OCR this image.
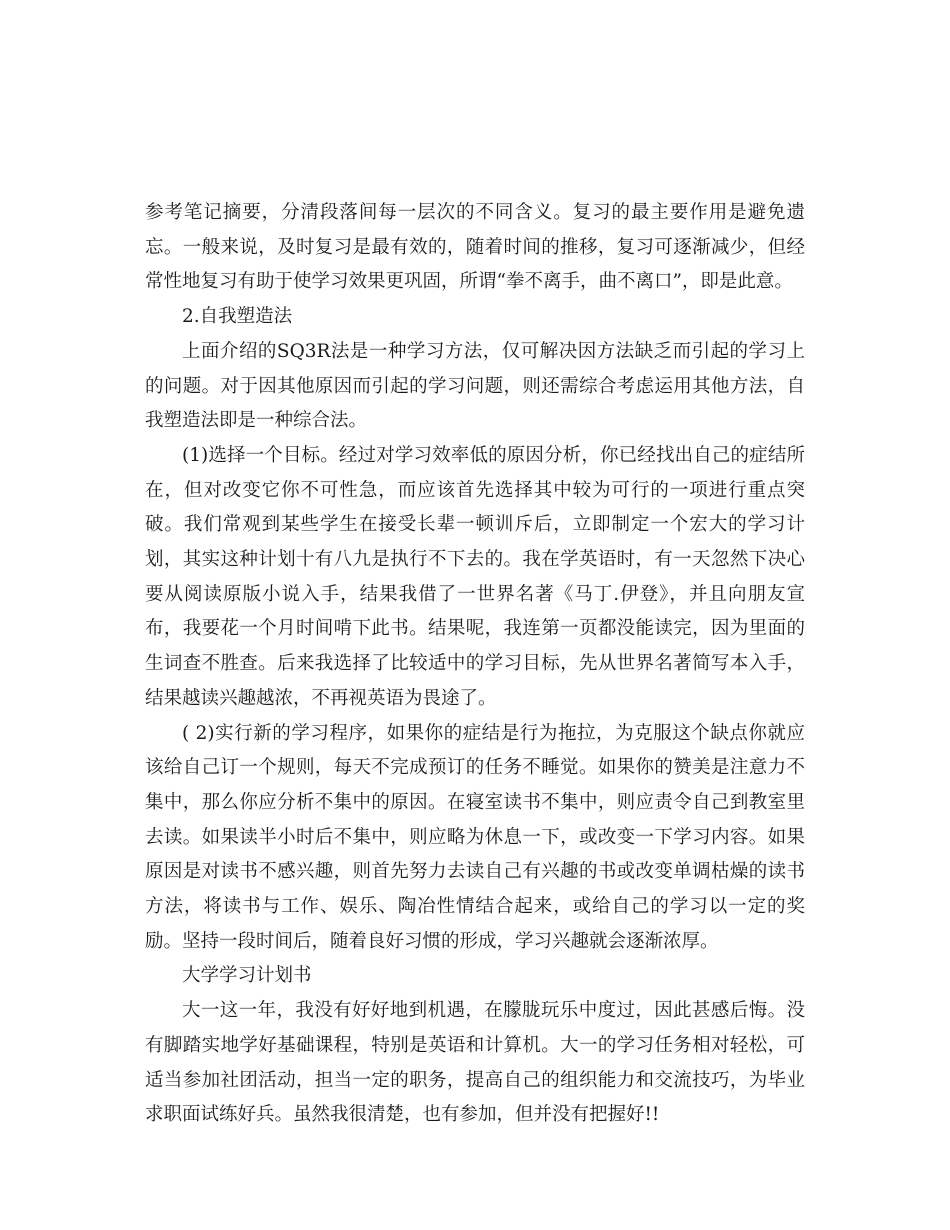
参考笔记摘要，分清段落间每一层次的不同含义。复习的最主要作用是避免遗忘。一般来说，及时复习是最有效的，随着时间的推移，复习可逐渐减少，但经常性地复习有助于使学习效果更巩固，所谓“拳不离手，曲不离口”，即是此意。

2.自我塑造法

上面介绍的SQ3R法是一种学习方法，仅可解决因方法缺乏而引起的学习上的问题。对于因其他原因而引起的学习问题，则还需综合考虑运用其他方法，自我塑造法即是一种综合法。

(1)选择一个目标。经过对学习效率低的原因分析，你已经找出自己的症结所在，但对改变它你不可性急，而应该首先选择其中较为可行的一项进行重点突破。我们常观到某些学生在接受长辈一顿训斥后，立即制定一个宏大的学习计划，其实这种计划十有八九是执行不下去的。我在学英语时，有一天忽然下决心要从阅读原版小说入手，结果我借了一世界名著《马丁.伊登》，并且向朋友宣布，我要花一个月时间啃下此书。结果呢，我连第一页都没能读完，因为里面的生词查不胜查。后来我选择了比较适中的学习目标，先从世界名著简写本入手，结果越读兴趣越浓，不再视英语为畏途了。

( 2)实行新的学习程序，如果你的症结是行为拖拉，为克服这个缺点你就应该给自己订一个规则，每天不完成预订的任务不睡觉。如果你的赞美是注意力不集中，那么你应分析不集中的原因。在寝室读书不集中，则应责令自己到教室里去读。如果读半小时后不集中，则应略为休息一下，或改变一下学习内容。如果原因是对读书不感兴趣，则首先努力去读自己有兴趣的书或改变单调枯燥的读书方法，将读书与工作、娱乐、陶冶性情结合起来，或给自己的学习以一定的奖励。坚持一段时间后，随着良好习惯的形成，学习兴趣就会逐渐浓厚。

大学学习计划书

大一这一年，我没有好好地到机遇，在朦胧玩乐中度过，因此甚感后悔。没有脚踏实地学好基础课程，特别是英语和计算机。大一的学习任务相对轻松，可适当参加社团活动，担当一定的职务，提高自己的组织能力和交流技巧，为毕业求职面试练好兵。虽然我很清楚，也有参加，但并没有把握好!!
